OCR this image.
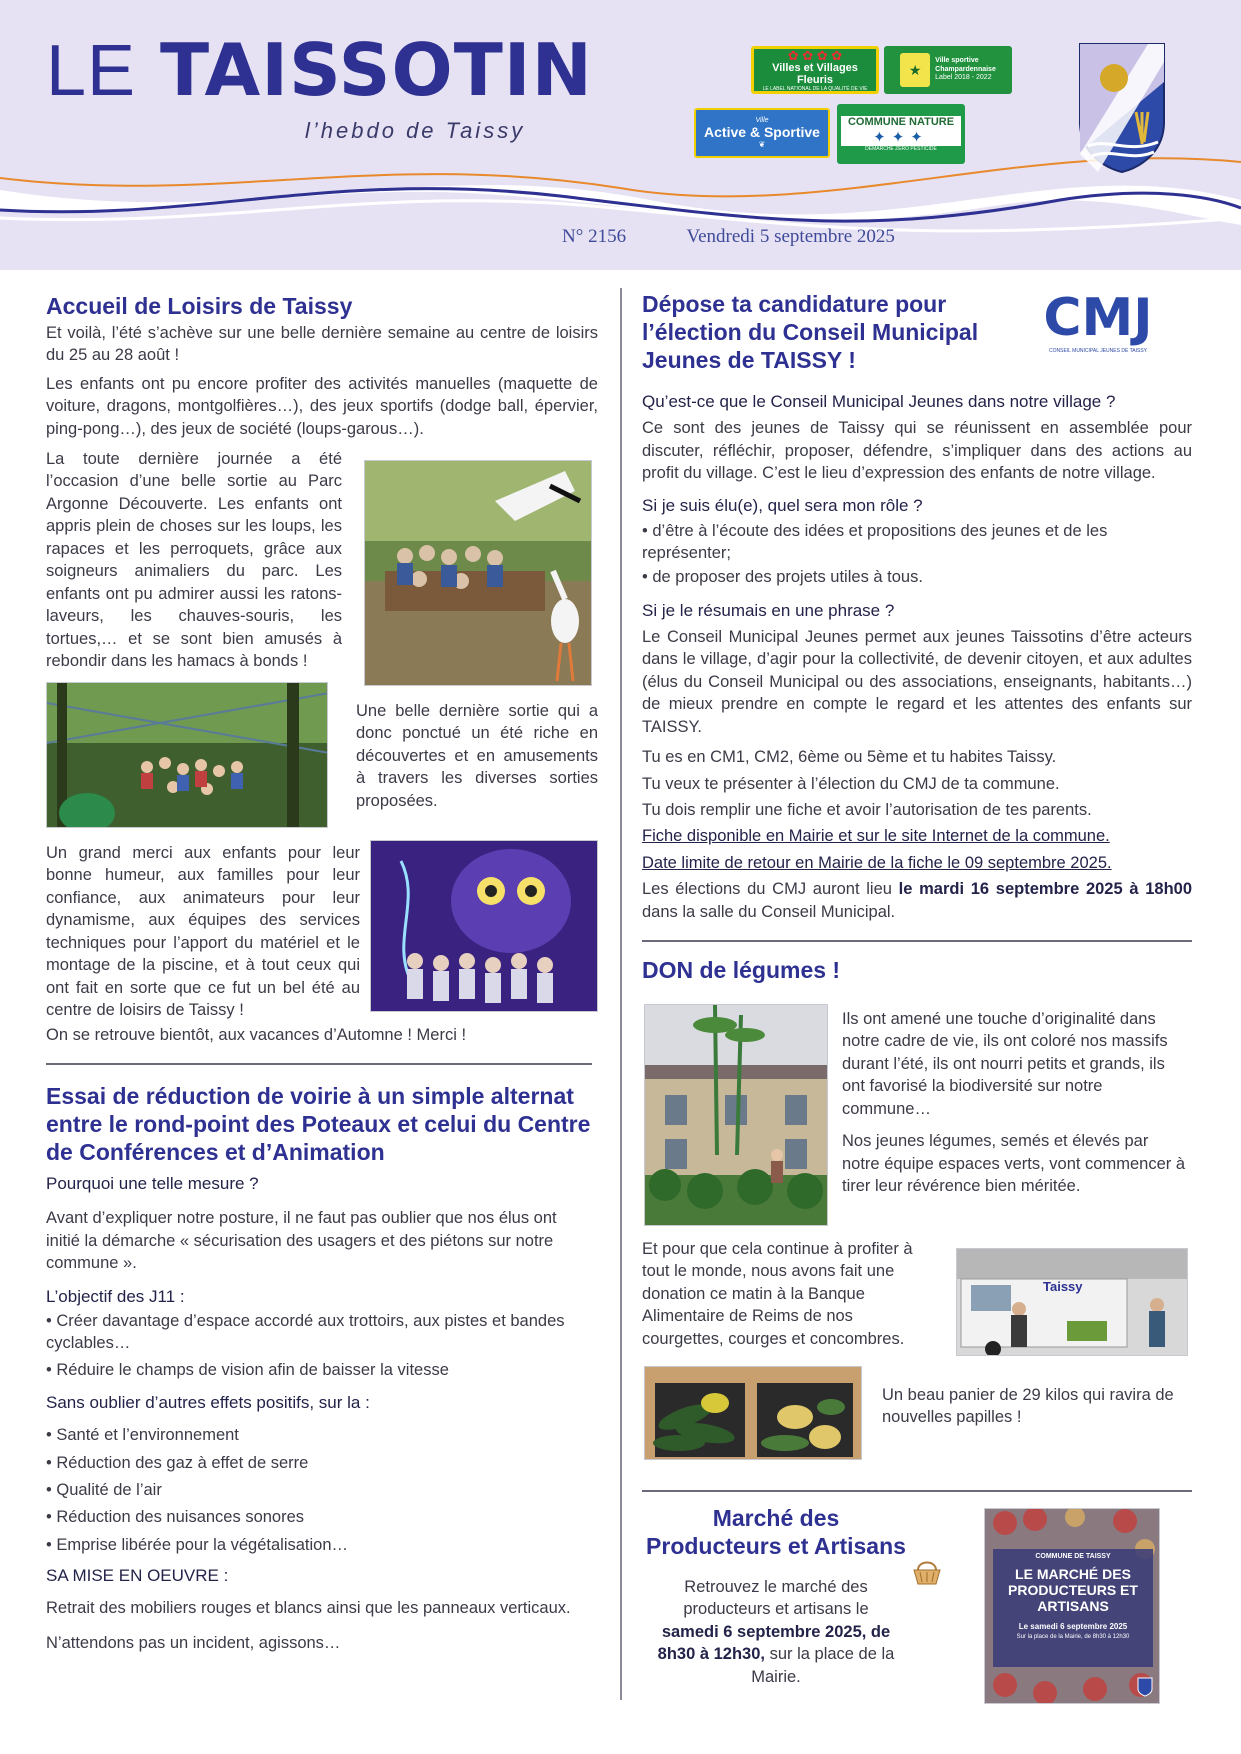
LE TAISSOTIN
l’hebdo de Taissy
N° 2156	Vendredi 5 septembre 2025
✿ ✿ ✿ ✿
Villes et Villages Fleuris
LE LABEL NATIONAL DE LA QUALITÉ DE VIE
★
Ville sportive
Champardennaise
Label 2018 - 2022
Ville
Active & Sportive
❦
COMMUNE NATURE
✦✦✦
DÉMARCHE ZÉRO PESTICIDE
Accueil de Loisirs de Taissy

Et voilà, l’été s’achève sur une belle dernière semaine au centre de loisirs du 25 au 28 août !

Les enfants ont pu encore profiter des activités manuelles (maquette de voiture, dragons, montgolfières…), des jeux sportifs (dodge ball, épervier, ping-pong…), des jeux de société (loups-garous…).

La toute dernière journée a été l’occasion d’une belle sortie au Parc Argonne Découverte. Les enfants ont appris plein de choses sur les loups, les rapaces et les perroquets, grâce aux soigneurs animaliers du parc. Les enfants ont pu admirer aussi les ratons-laveurs, les chauves-souris, les tortues,… et se sont bien amusés à rebondir dans les hamacs à bonds !

Une belle dernière sortie qui a donc ponctué un été riche en découvertes et en amusements à travers les diverses sorties proposées.

Un grand merci aux enfants pour leur bonne humeur, aux familles pour leur confiance, aux animateurs pour leur dynamisme, aux équipes des services techniques pour l’apport du matériel et le montage de la piscine, et à tout ceux qui ont fait en sorte que ce fut un bel été au centre de loisirs de Taissy !

On se retrouve bientôt, aux vacances d’Automne ! Merci !

Essai de réduction de voirie à un simple alternat entre le rond-point des Poteaux et celui du Centre de Conférences et d’Animation

Pourquoi une telle mesure ?

Avant d’expliquer notre posture, il ne faut pas oublier que nos élus ont initié la démarche « sécurisation des usagers et des piétons sur notre commune ».

L’objectif des J11 :

• Créer davantage d’espace accordé aux trottoirs, aux pistes et bandes cyclables…
• Réduire le champs de vision afin de baisser la vitesse

Sans oublier d’autres effets positifs, sur la :

• Santé et l’environnement
• Réduction des gaz à effet de serre
• Qualité de l’air
• Réduction des nuisances sonores
• Emprise libérée pour la végétalisation…

SA MISE EN OEUVRE :

Retrait des mobiliers rouges et blancs ainsi que les panneaux verticaux.

N’attendons pas un incident, agissons…

Dépose ta candidature pour l’élection du Conseil Municipal Jeunes de TAISSY !
CMJ
CONSEIL MUNICIPAL JEUNES DE TAISSY

Qu’est-ce que le Conseil Municipal Jeunes dans notre village ?

Ce sont des jeunes de Taissy qui se réunissent en assemblée pour discuter, réfléchir, proposer, défendre, s’impliquer dans des actions au profit du village. C’est le lieu d’expression des enfants de notre village.

Si je suis élu(e), quel sera mon rôle ?

• d’être à l’écoute des idées et propositions des jeunes et de les représenter;
• de proposer des projets utiles à tous.

Si je le résumais en une phrase ?

Le Conseil Municipal Jeunes permet aux jeunes Taissotins d’être acteurs dans le village, d’agir pour la collectivité, de devenir citoyen, et aux adultes (élus du Conseil Municipal ou des associations, enseignants, habitants…) de mieux prendre en compte le regard et les attentes des enfants sur TAISSY.

Tu es en CM1, CM2, 6ème ou 5ème et tu habites Taissy.

Tu veux te présenter à l’élection du CMJ de ta commune.

Tu dois remplir une fiche et avoir l’autorisation de tes parents.

Fiche disponible en Mairie et sur le site Internet de la commune.

Date limite de retour en Mairie de la fiche le 09 septembre 2025.

Les élections du CMJ auront lieu le mardi 16 septembre 2025 à 18h00 dans la salle du Conseil Municipal.

DON de légumes !

Ils ont amené une touche d’originalité dans notre cadre de vie, ils ont coloré nos massifs durant l’été, ils ont nourri petits et grands, ils ont favorisé la biodiversité sur notre commune…

Nos jeunes légumes, semés et élevés par notre équipe espaces verts, vont commencer à tirer leur révérence bien méritée.

Et pour que cela continue à profiter à tout le monde, nous avons fait une donation ce matin à la Banque Alimentaire de Reims de nos courgettes, courges et concombres.

Taissy

Un beau panier de 29 kilos qui ravira de nouvelles papilles !

Marché des Producteurs et Artisans

Retrouvez le marché des producteurs et artisans le

samedi 6 septembre 2025, de 8h30 à 12h30, sur la place de la Mairie.

COMMUNE DE TAISSY
LE MARCHÉ DES PRODUCTEURS ET ARTISANS
Le samedi 6 septembre 2025
Sur la place de la Mairie, de 8h30 à 12h30
